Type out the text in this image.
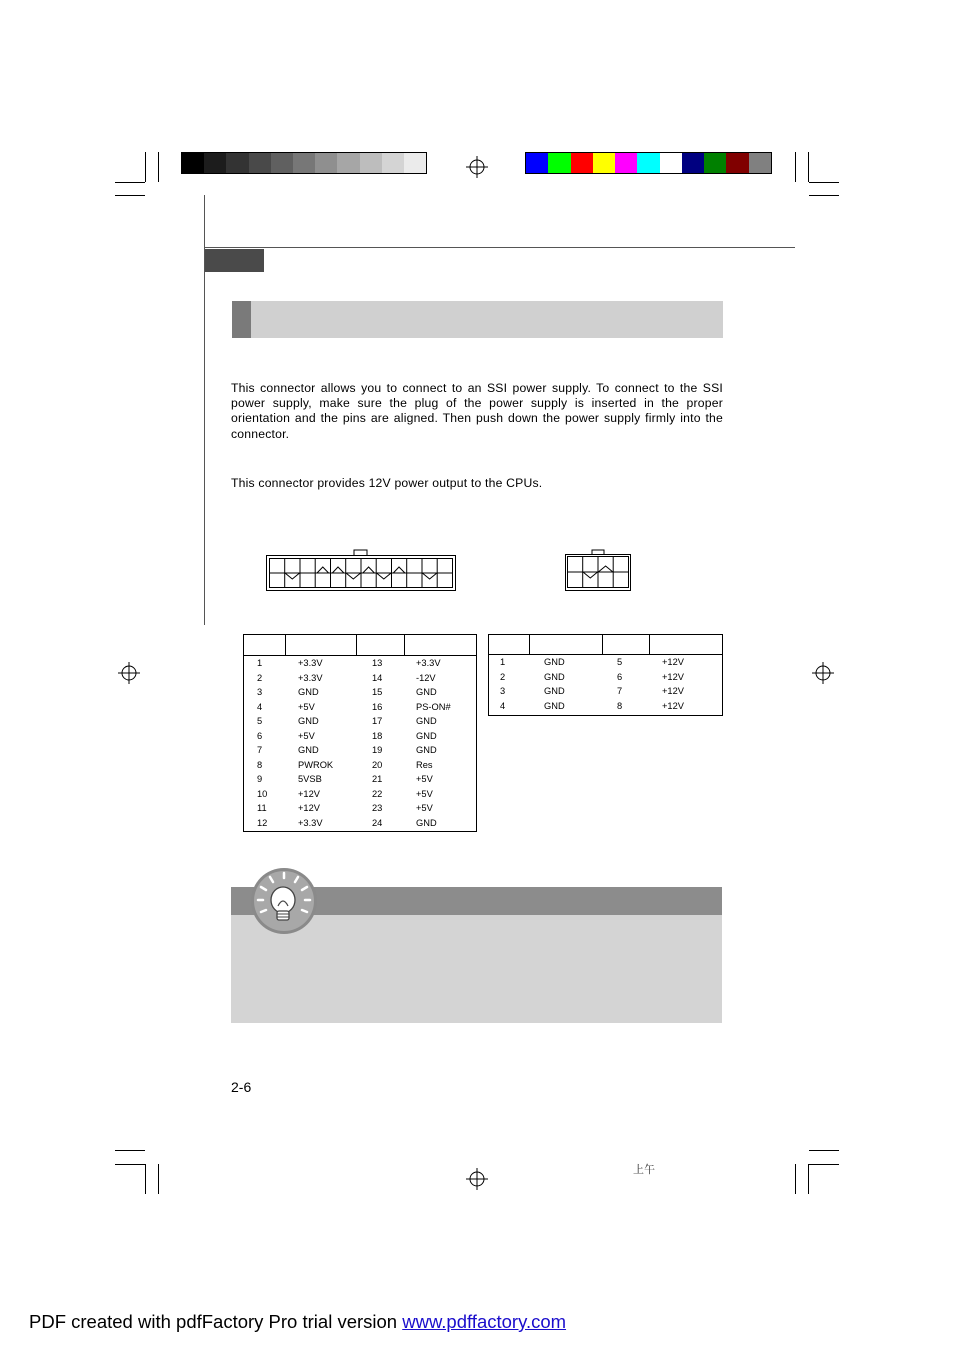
This connector allows you to connect to an SSI power supply. To connect to the SSI power supply, make sure the plug of the power supply is inserted in the proper orientation and the pins are aligned. Then push down the power supply firmly into the connector.
This connector provides 12V power output to the CPUs.
1	+3.3V	13	+3.3V
2	+3.3V	14	-12V
3	GND	15	GND
4	+5V	16	PS-ON#
5	GND	17	GND
6	+5V	18	GND
7	GND	19	GND
8	PWROK	20	Res
9	5VSB	21	+5V
10	+12V	22	+5V
11	+12V	23	+5V
12	+3.3V	24	GND
1	GND	5	+12V
2	GND	6	+12V
3	GND	7	+12V
4	GND	8	+12V
2-6
上午
PDF created with pdfFactory Pro trial version www.pdffactory.com
